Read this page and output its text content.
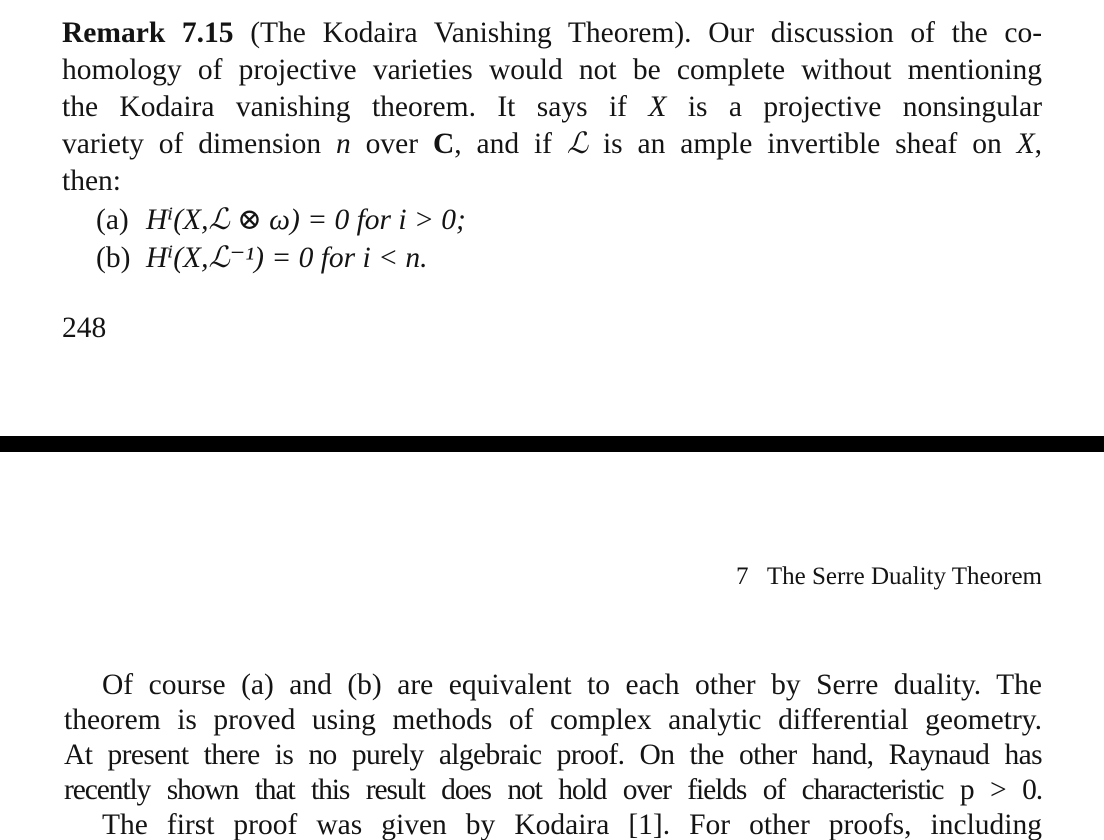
Remark 7.15 (The Kodaira Vanishing Theorem). Our discussion of the co-
homology of projective varieties would not be complete without mentioning
the Kodaira vanishing theorem. It says if X is a projective nonsingular
variety of dimension n over C, and if ℒ is an ample invertible sheaf on X,
then:
(a) Hⁱ(X,ℒ ⊗ ω) = 0 for i > 0;
(b) Hⁱ(X,ℒ⁻¹) = 0 for i < n.
248
7 The Serre Duality Theorem
Of course (a) and (b) are equivalent to each other by Serre duality. The
theorem is proved using methods of complex analytic differential geometry.
At present there is no purely algebraic proof. On the other hand, Raynaud has
recently shown that this result does not hold over fields of characteristic p > 0.
The first proof was given by Kodaira [1]. For other proofs, including
